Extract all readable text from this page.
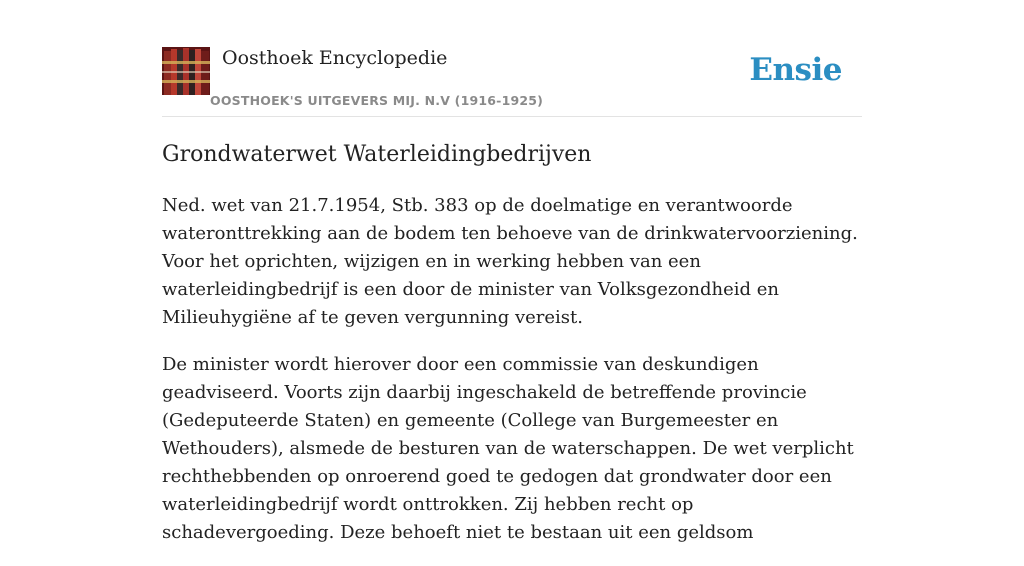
Oosthoek Encyclopedie
OOSTHOEK'S UITGEVERS MIJ. N.V (1916-1925)
Ensie
Grondwaterwet Waterleidingbedrijven

Ned. wet van 21.7.1954, Stb. 383 op de doelmatige en verantwoorde wateronttrekking aan de bodem ten behoeve van de drinkwatervoorziening. Voor het oprichten, wijzigen en in werking hebben van een waterleidingbedrijf is een door de minister van Volksgezondheid en Milieuhygiëne af te geven vergunning vereist.

De minister wordt hierover door een commissie van deskundigen geadviseerd. Voorts zijn daarbij ingeschakeld de betreffende provincie (Gedeputeerde Staten) en gemeente (College van Burgemeester en Wethouders), alsmede de besturen van de waterschappen. De wet verplicht rechthebbenden op onroerend goed te gedogen dat grondwater door een waterleidingbedrijf wordt onttrokken. Zij hebben recht op schadevergoeding. Deze behoeft niet te bestaan uit een geldsom
